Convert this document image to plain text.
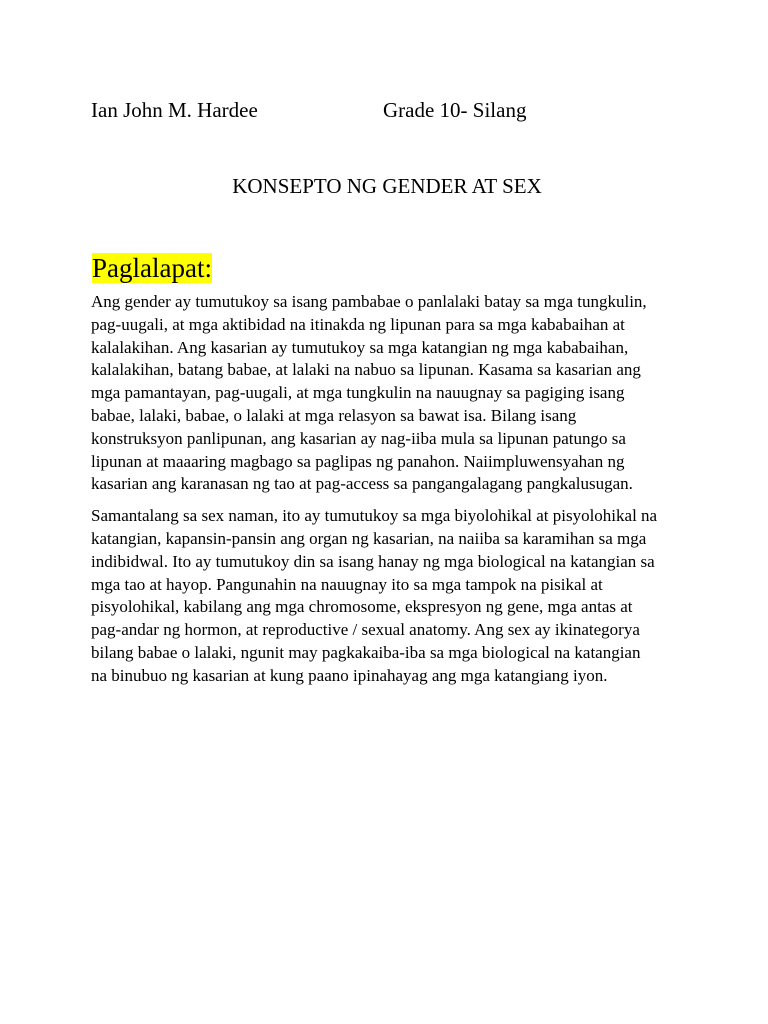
Ian John M. Hardee	Grade 10- Silang
KONSEPTO NG GENDER AT SEX
Paglalapat:

Ang gender ay tumutukoy sa isang pambabae o panlalaki batay sa mga tungkulin,
pag-uugali, at mga aktibidad na itinakda ng lipunan para sa mga kababaihan at
kalalakihan. Ang kasarian ay tumutukoy sa mga katangian ng mga kababaihan,
kalalakihan, batang babae, at lalaki na nabuo sa lipunan. Kasama sa kasarian ang
mga pamantayan, pag-uugali, at mga tungkulin na nauugnay sa pagiging isang
babae, lalaki, babae, o lalaki at mga relasyon sa bawat isa. Bilang isang
konstruksyon panlipunan, ang kasarian ay nag-iiba mula sa lipunan patungo sa
lipunan at maaaring magbago sa paglipas ng panahon. Naiimpluwensyahan ng
kasarian ang karanasan ng tao at pag-access sa pangangalagang pangkalusugan.

Samantalang sa sex naman, ito ay tumutukoy sa mga biyolohikal at pisyolohikal na
katangian, kapansin-pansin ang organ ng kasarian, na naiiba sa karamihan sa mga
indibidwal. Ito ay tumutukoy din sa isang hanay ng mga biological na katangian sa
mga tao at hayop. Pangunahin na nauugnay ito sa mga tampok na pisikal at
pisyolohikal, kabilang ang mga chromosome, ekspresyon ng gene, mga antas at
pag-andar ng hormon, at reproductive / sexual anatomy. Ang sex ay ikinategorya
bilang babae o lalaki, ngunit may pagkakaiba-iba sa mga biological na katangian
na binubuo ng kasarian at kung paano ipinahayag ang mga katangiang iyon.
